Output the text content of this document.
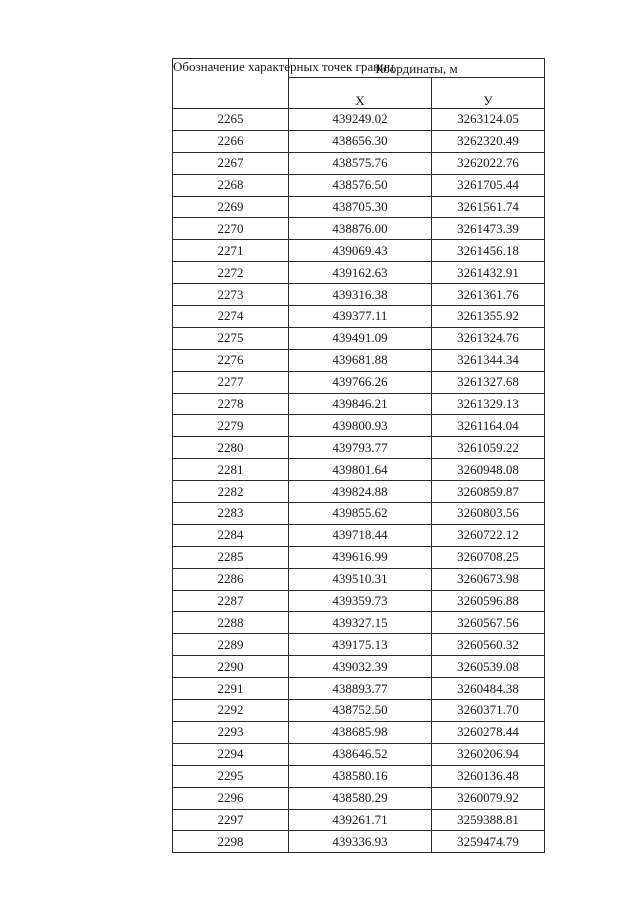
Обозначение характерных точек границ	Координаты, м	
	X	У
2265	439249.02	3263124.05
2266	438656.30	3262320.49
2267	438575.76	3262022.76
2268	438576.50	3261705.44
2269	438705.30	3261561.74
2270	438876.00	3261473.39
2271	439069.43	3261456.18
2272	439162.63	3261432.91
2273	439316.38	3261361.76
2274	439377.11	3261355.92
2275	439491.09	3261324.76
2276	439681.88	3261344.34
2277	439766.26	3261327.68
2278	439846.21	3261329.13
2279	439800.93	3261164.04
2280	439793.77	3261059.22
2281	439801.64	3260948.08
2282	439824.88	3260859.87
2283	439855.62	3260803.56
2284	439718.44	3260722.12
2285	439616.99	3260708.25
2286	439510.31	3260673.98
2287	439359.73	3260596.88
2288	439327.15	3260567.56
2289	439175.13	3260560.32
2290	439032.39	3260539.08
2291	438893.77	3260484.38
2292	438752.50	3260371.70
2293	438685.98	3260278.44
2294	438646.52	3260206.94
2295	438580.16	3260136.48
2296	438580.29	3260079.92
2297	439261.71	3259388.81
2298	439336.93	3259474.79
